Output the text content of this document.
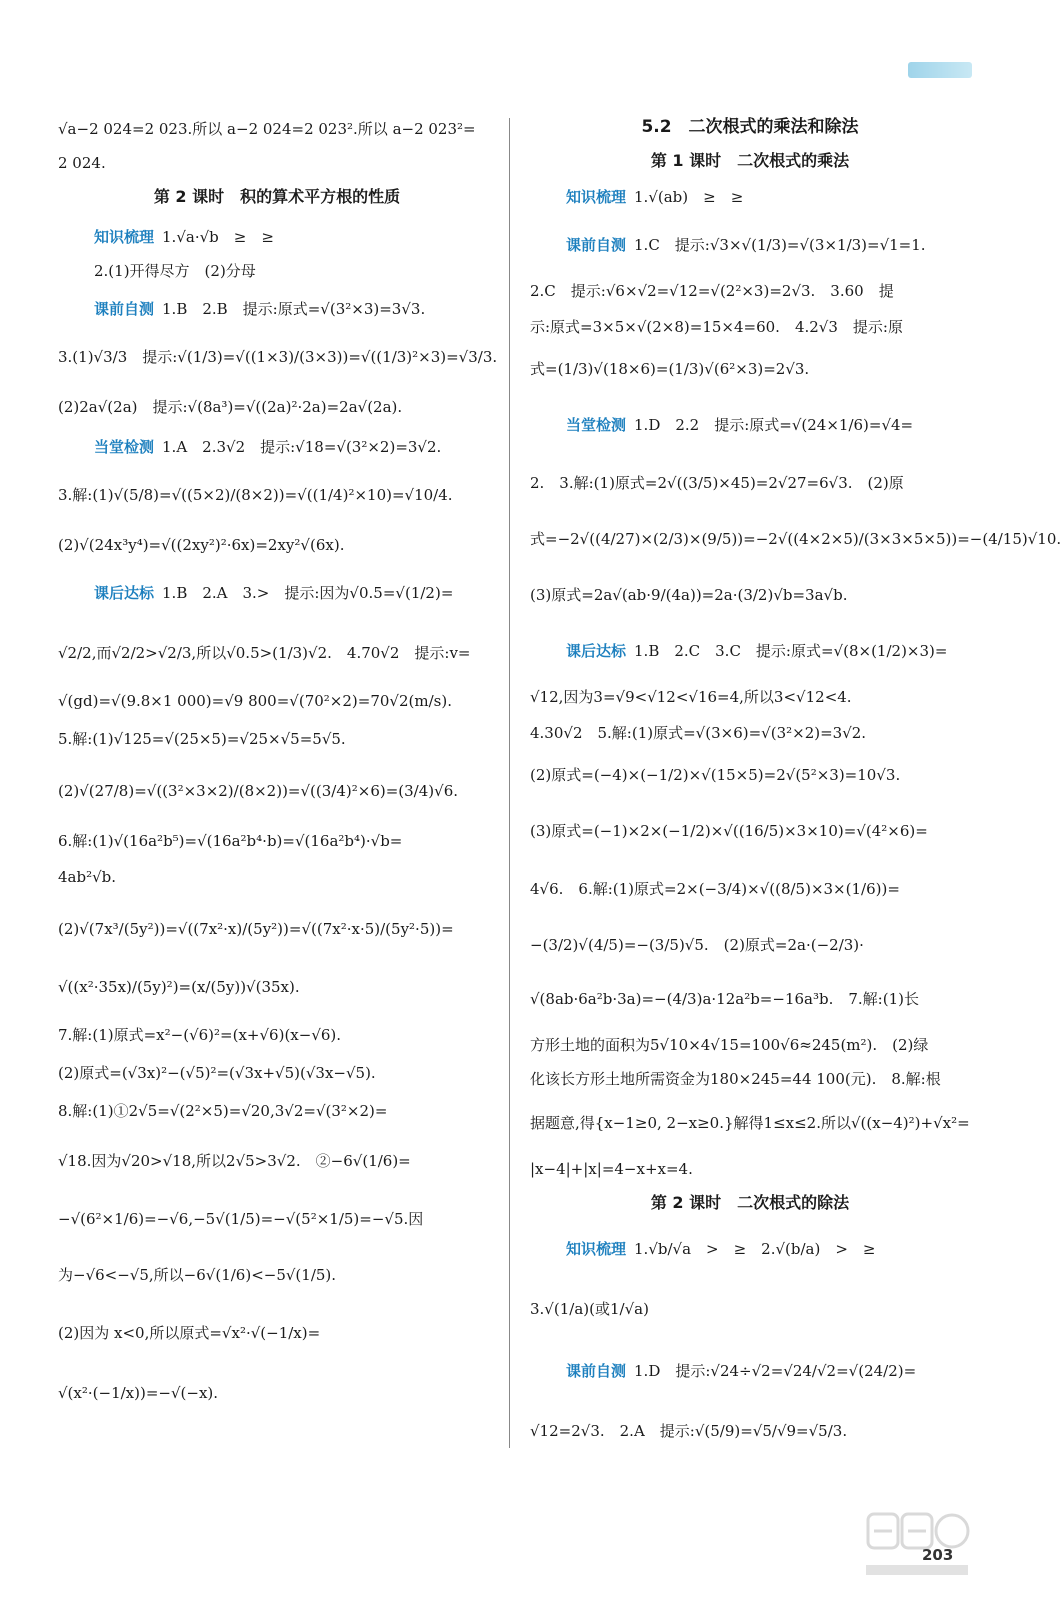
√a−2 024=2 023.所以 a−2 024=2 023².所以 a−2 023²=
2 024.
第 2 课时　积的算术平方根的性质
知识梳理 1.√a·√b　≥　≥
2.(1)开得尽方　(2)分母
课前自测 1.B　2.B　提示:原式=√(3²×3)=3√3.
3.(1)√3/3　提示:√(1/3)=√((1×3)/(3×3))=√((1/3)²×3)=√3/3.
(2)2a√(2a)　提示:√(8a³)=√((2a)²·2a)=2a√(2a).
当堂检测 1.A　2.3√2　提示:√18=√(3²×2)=3√2.
3.解:(1)√(5/8)=√((5×2)/(8×2))=√((1/4)²×10)=√10/4.
(2)√(24x³y⁴)=√((2xy²)²·6x)=2xy²√(6x).
课后达标 1.B　2.A　3.>　提示:因为√0.5=√(1/2)=
√2/2,而√2/2>√2/3,所以√0.5>(1/3)√2.　4.70√2　提示:v=
√(gd)=√(9.8×1 000)=√9 800=√(70²×2)=70√2(m/s).
5.解:(1)√125=√(25×5)=√25×√5=5√5.
(2)√(27/8)=√((3²×3×2)/(8×2))=√((3/4)²×6)=(3/4)√6.
6.解:(1)√(16a²b⁵)=√(16a²b⁴·b)=√(16a²b⁴)·√b=
4ab²√b.
(2)√(7x³/(5y²))=√((7x²·x)/(5y²))=√((7x²·x·5)/(5y²·5))=
√((x²·35x)/(5y)²)=(x/(5y))√(35x).
7.解:(1)原式=x²−(√6)²=(x+√6)(x−√6).
(2)原式=(√3x)²−(√5)²=(√3x+√5)(√3x−√5).
8.解:(1)①2√5=√(2²×5)=√20,3√2=√(3²×2)=
√18.因为√20>√18,所以2√5>3√2.　②−6√(1/6)=
−√(6²×1/6)=−√6,−5√(1/5)=−√(5²×1/5)=−√5.因
为−√6<−√5,所以−6√(1/6)<−5√(1/5).
(2)因为 x<0,所以原式=√x²·√(−1/x)=
√(x²·(−1/x))=−√(−x).
5.2　二次根式的乘法和除法
第 1 课时　二次根式的乘法
知识梳理 1.√(ab)　≥　≥
课前自测 1.C　提示:√3×√(1/3)=√(3×1/3)=√1=1.
2.C　提示:√6×√2=√12=√(2²×3)=2√3.　3.60　提
示:原式=3×5×√(2×8)=15×4=60.　4.2√3　提示:原
式=(1/3)√(18×6)=(1/3)√(6²×3)=2√3.
当堂检测 1.D　2.2　提示:原式=√(24×1/6)=√4=
2.　3.解:(1)原式=2√((3/5)×45)=2√27=6√3.　(2)原
式=−2√((4/27)×(2/3)×(9/5))=−2√((4×2×5)/(3×3×5×5))=−(4/15)√10.
(3)原式=2a√(ab·9/(4a))=2a·(3/2)√b=3a√b.
课后达标 1.B　2.C　3.C　提示:原式=√(8×(1/2)×3)=
√12,因为3=√9<√12<√16=4,所以3<√12<4.
4.30√2　5.解:(1)原式=√(3×6)=√(3²×2)=3√2.
(2)原式=(−4)×(−1/2)×√(15×5)=2√(5²×3)=10√3.
(3)原式=(−1)×2×(−1/2)×√((16/5)×3×10)=√(4²×6)=
4√6.　6.解:(1)原式=2×(−3/4)×√((8/5)×3×(1/6))=
−(3/2)√(4/5)=−(3/5)√5.　(2)原式=2a·(−2/3)·
√(8ab·6a²b·3a)=−(4/3)a·12a²b=−16a³b.　7.解:(1)长
方形土地的面积为5√10×4√15=100√6≈245(m²).　(2)绿
化该长方形土地所需资金为180×245=44 100(元).　8.解:根
据题意,得{x−1≥0, 2−x≥0.}解得1≤x≤2.所以√((x−4)²)+√x²=
|x−4|+|x|=4−x+x=4.
第 2 课时　二次根式的除法
知识梳理 1.√b/√a　>　≥　2.√(b/a)　>　≥
3.√(1/a)(或1/√a)
课前自测 1.D　提示:√24÷√2=√24/√2=√(24/2)=
√12=2√3.　2.A　提示:√(5/9)=√5/√9=√5/3.
203
